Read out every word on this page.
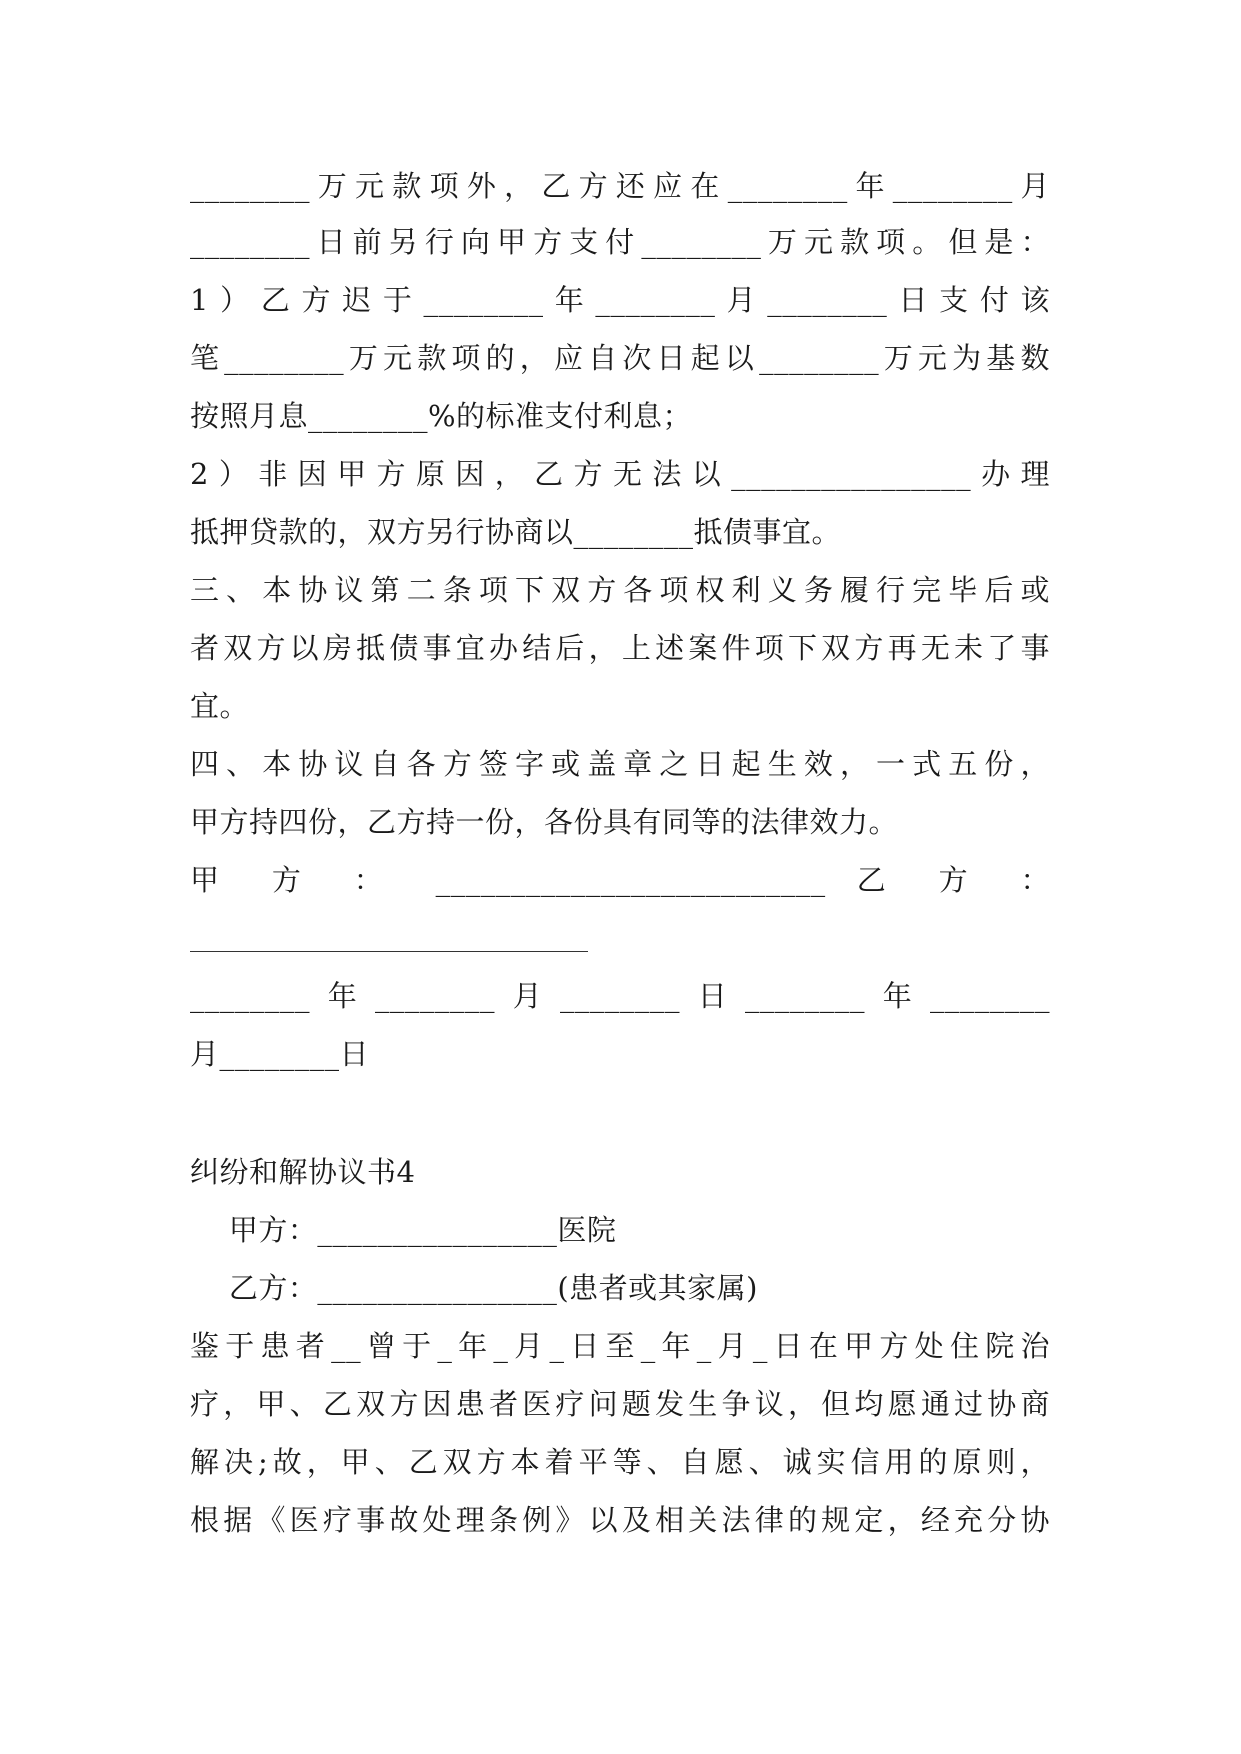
________万元款项外，乙方还应在________年________月
________日前另行向甲方支付________万元款项。但是：
1）乙方迟于________年________月________日支付该
笔________万元款项的，应自次日起以________万元为基数
按照月息________%的标准支付利息；
2）非因甲方原因，乙方无法以________________办理
抵押贷款的，双方另行协商以________抵债事宜。
三、本协议第二条项下双方各项权利义务履行完毕后或
者双方以房抵债事宜办结后，上述案件项下双方再无未了事
宜。
四、本协议自各方签字或盖章之日起生效，一式五份，
甲方持四份，乙方持一份，各份具有同等的法律效力。
甲 方 ： __________________________ 乙 方 ：
________年________月________日________年________
月________日
纠纷和解协议书4
甲方：________________医院
乙方：________________(患者或其家属)
鉴于患者__曾于_年_月_日至_年_月_日在甲方处住院治
疗，甲、乙双方因患者医疗问题发生争议，但均愿通过协商
解决;故，甲、乙双方本着平等、自愿、诚实信用的原则，
根据《医疗事故处理条例》以及相关法律的规定，经充分协
